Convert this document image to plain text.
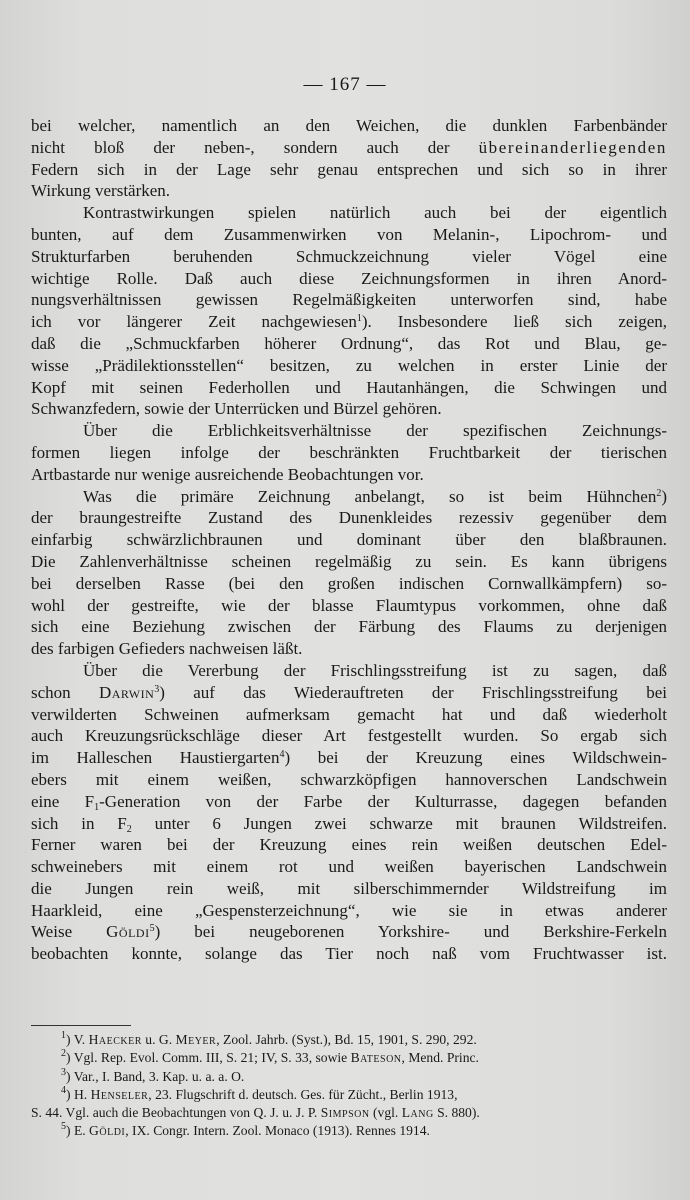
— 167 —
bei welcher, namentlich an den Weichen, die dunklen Farbenbänder
nicht bloß der neben-, sondern auch der übereinanderliegenden
Federn sich in der Lage sehr genau entsprechen und sich so in ihrer
Wirkung verstärken.
Kontrastwirkungen spielen natürlich auch bei der eigentlich
bunten, auf dem Zusammenwirken von Melanin-, Lipochrom- und
Strukturfarben beruhenden Schmuckzeichnung vieler Vögel eine
wichtige Rolle. Daß auch diese Zeichnungsformen in ihren Anord-
nungsverhältnissen gewissen Regelmäßigkeiten unterworfen sind, habe
ich vor längerer Zeit nachgewiesen$^1$). Insbesondere ließ sich zeigen,
daß die „Schmuckfarben höherer Ordnung“, das Rot und Blau, ge-
wisse „Prädilektionsstellen“ besitzen, zu welchen in erster Linie der
Kopf mit seinen Federhollen und Hautanhängen, die Schwingen und
Schwanzfedern, sowie der Unterrücken und Bürzel gehören.
Über die Erblichkeitsverhältnisse der spezifischen Zeichnungs-
formen liegen infolge der beschränkten Fruchtbarkeit der tierischen
Artbastarde nur wenige ausreichende Beobachtungen vor.
Was die primäre Zeichnung anbelangt, so ist beim Hühnchen$^2$)
der braungestreifte Zustand des Dunenkleides rezessiv gegenüber dem
einfarbig schwärzlichbraunen und dominant über den blaßbraunen.
Die Zahlenverhältnisse scheinen regelmäßig zu sein. Es kann übrigens
bei derselben Rasse (bei den großen indischen Cornwallkämpfern) so-
wohl der gestreifte, wie der blasse Flaumtypus vorkommen, ohne daß
sich eine Beziehung zwischen der Färbung des Flaums zu derjenigen
des farbigen Gefieders nachweisen läßt.
Über die Vererbung der Frischlingsstreifung ist zu sagen, daß
schon Darwin$^3$) auf das Wiederauftreten der Frischlingsstreifung bei
verwilderten Schweinen aufmerksam gemacht hat und daß wiederholt
auch Kreuzungsrückschläge dieser Art festgestellt wurden. So ergab sich
im Halleschen Haustiergarten$^4$) bei der Kreuzung eines Wildschwein-
ebers mit einem weißen, schwarzköpfigen hannoverschen Landschwein
eine $F_1$-Generation von der Farbe der Kulturrasse, dagegen befanden
sich in $F_2$ unter 6 Jungen zwei schwarze mit braunen Wildstreifen.
Ferner waren bei der Kreuzung eines rein weißen deutschen Edel-
schweinebers mit einem rot und weißen bayerischen Landschwein
die Jungen rein weiß, mit silberschimmernder Wildstreifung im
Haarkleid, eine „Gespensterzeichnung“, wie sie in etwas anderer
Weise Göldi$^5$) bei neugeborenen Yorkshire- und Berkshire-Ferkeln
beobachten konnte, solange das Tier noch naß vom Fruchtwasser ist.
$^1$) V. Haecker u. G. Meyer, Zool. Jahrb. (Syst.), Bd. 15, 1901, S. 290, 292.
$^2$) Vgl. Rep. Evol. Comm. III, S. 21; IV, S. 33, sowie Bateson, Mend. Princ.
$^3$) Var., I. Band, 3. Kap. u. a. a. O.
$^4$) H. Henseler, 23. Flugschrift d. deutsch. Ges. für Zücht., Berlin 1913,
S. 44. Vgl. auch die Beobachtungen von Q. J. u. J. P. Simpson (vgl. Lang S. 880).
$^5$) E. Göldi, IX. Congr. Intern. Zool. Monaco (1913). Rennes 1914.
